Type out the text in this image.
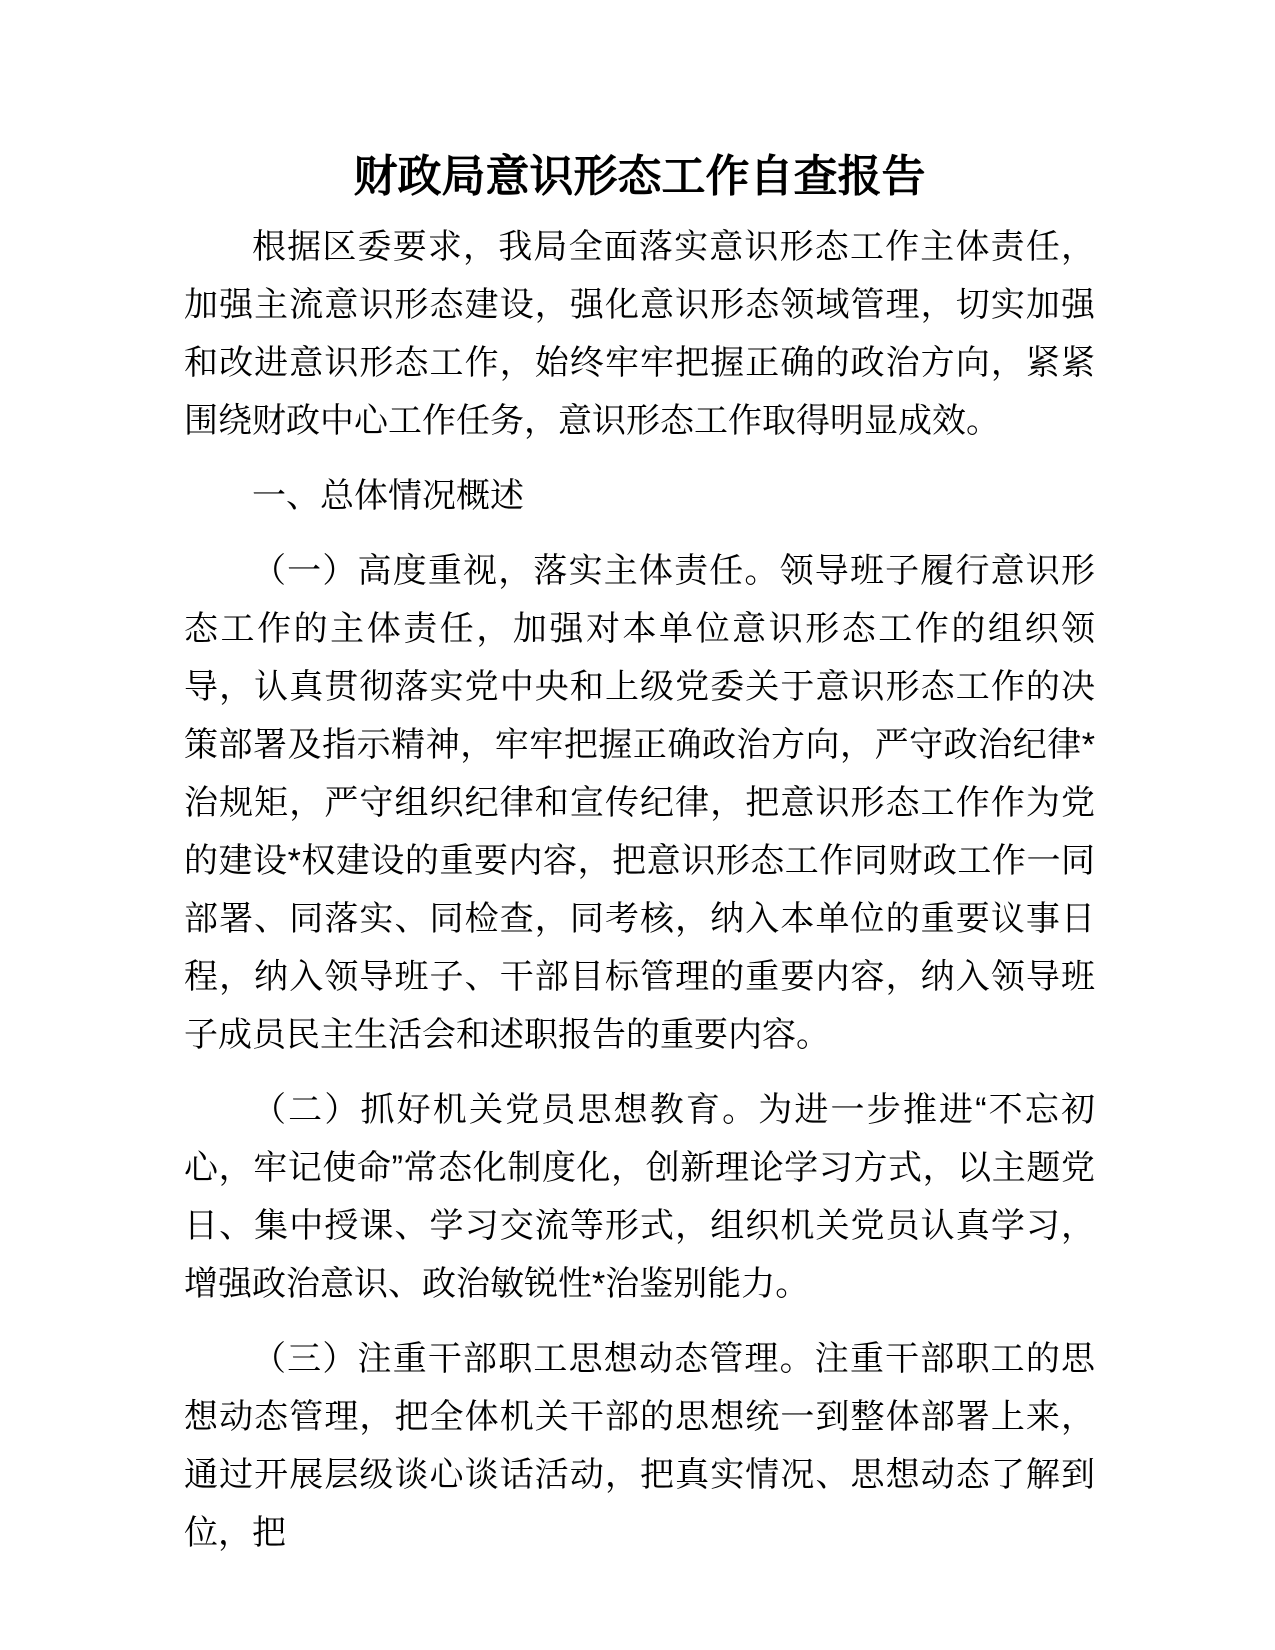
财政局意识形态工作自查报告

根据区委要求，我局全面落实意识形态工作主体责任，加强主流意识形态建设，强化意识形态领域管理，切实加强和改进意识形态工作，始终牢牢把握正确的政治方向，紧紧围绕财政中心工作任务，意识形态工作取得明显成效。

一、总体情况概述

（一）高度重视，落实主体责任。领导班子履行意识形态工作的主体责任，加强对本单位意识形态工作的组织领导，认真贯彻落实党中央和上级党委关于意识形态工作的决策部署及指示精神，牢牢把握正确政治方向，严守政治纪律*治规矩，严守组织纪律和宣传纪律，把意识形态工作作为党的建设*权建设的重要内容，把意识形态工作同财政工作一同部署、同落实、同检查，同考核，纳入本单位的重要议事日程，纳入领导班子、干部目标管理的重要内容，纳入领导班子成员民主生活会和述职报告的重要内容。

（二）抓好机关党员思想教育。为进一步推进“不忘初心，牢记使命”常态化制度化，创新理论学习方式，以主题党日、集中授课、学习交流等形式，组织机关党员认真学习，增强政治意识、政治敏锐性*治鉴别能力。

（三）注重干部职工思想动态管理。注重干部职工的思想动态管理，把全体机关干部的思想统一到整体部署上来，通过开展层级谈心谈话活动，把真实情况、思想动态了解到位，把
